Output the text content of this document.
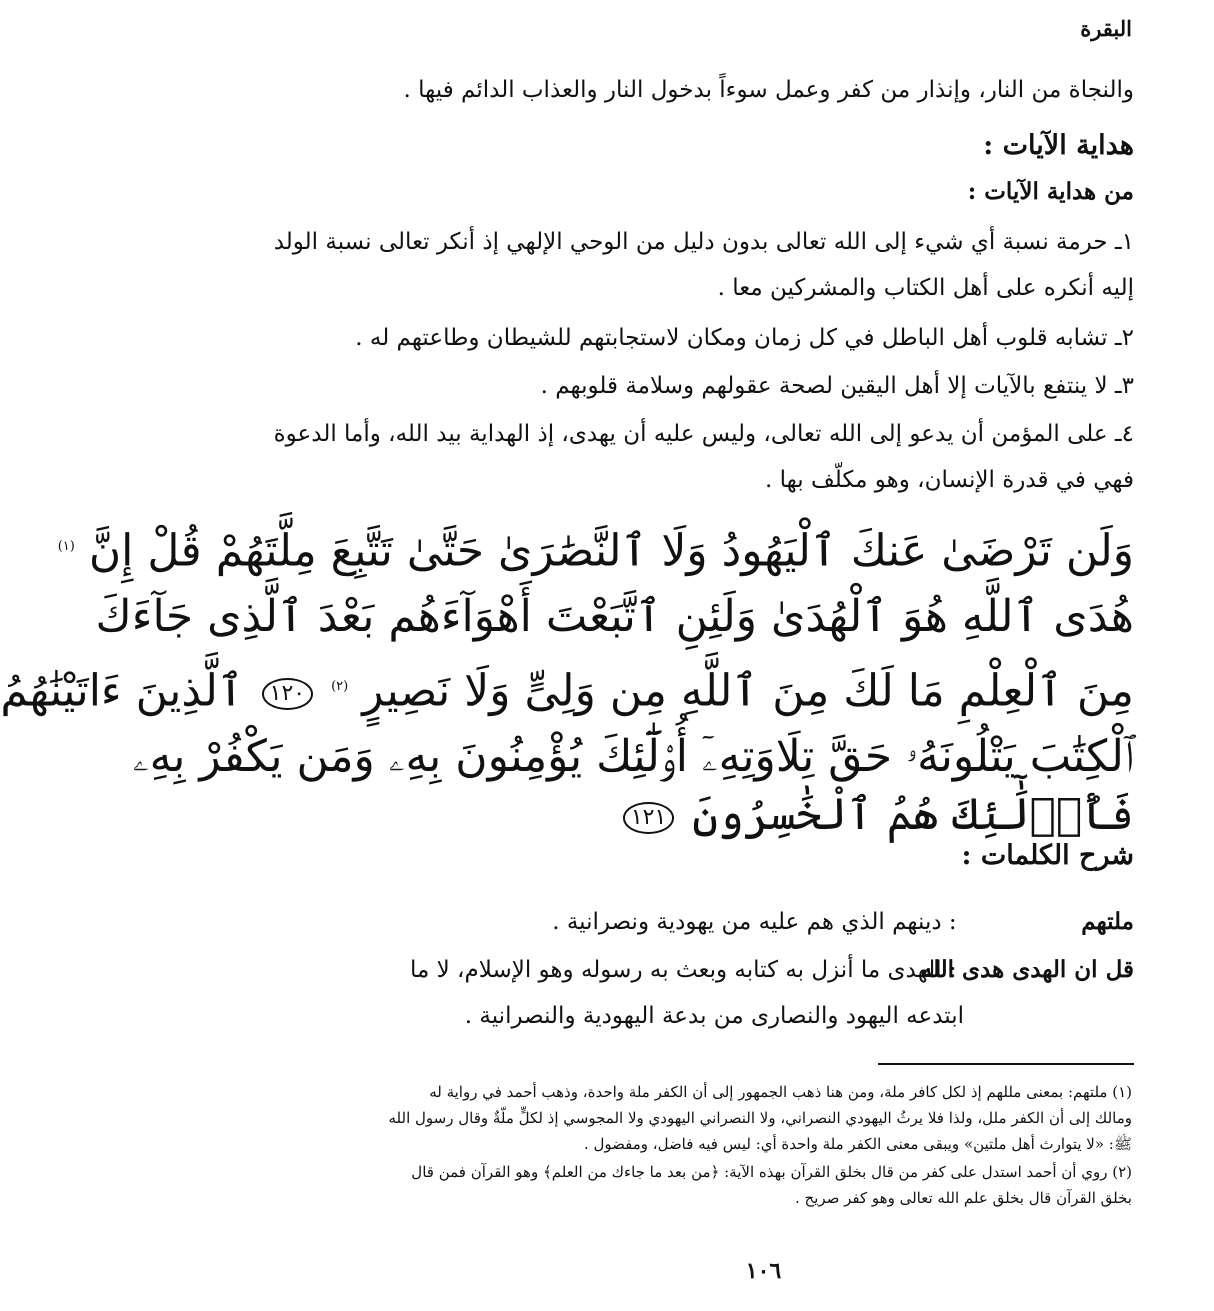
البقرة
والنجاة من النار، وإنذار من كفر وعمل سوءاً بدخول النار والعذاب الدائم فيها .
هداية الآيات :
من هداية الآيات :
١ـ حرمة نسبة أي شيء إلى الله تعالى بدون دليل من الوحي الإلهي إذ أنكر تعالى نسبة الولد
إليه أنكره على أهل الكتاب والمشركين معا .
٢ـ تشابه قلوب أهل الباطل في كل زمان ومكان لاستجابتهم للشيطان وطاعتهم له .
٣ـ لا ينتفع بالآيات إلا أهل اليقين لصحة عقولهم وسلامة قلوبهم .
٤ـ على المؤمن أن يدعو إلى الله تعالى، وليس عليه أن يهدى، إذ الهداية بيد الله، وأما الدعوة
فهي في قدرة الإنسان، وهو مكلّف بها .
وَلَن تَرْضَىٰ عَنكَ ٱلْيَهُودُ وَلَا ٱلنَّصَٰرَىٰ حَتَّىٰ تَتَّبِعَ مِلَّتَهُمْ قُلْ إِنَّ $^{(١)}$
هُدَى ٱللَّهِ هُوَ ٱلْهُدَىٰ وَلَئِنِ ٱتَّبَعْتَ أَهْوَآءَهُم بَعْدَ ٱلَّذِى جَآءَكَ
مِنَ ٱلْعِلْمِ مَا لَكَ مِنَ ٱللَّهِ مِن وَلِىٍّ وَلَا نَصِيرٍ $^{(٢)}$ ١٢٠ ٱلَّذِينَ ءَاتَيْنَٰهُمُ
ٱلْكِتَٰبَ يَتْلُونَهُۥ حَقَّ تِلَاوَتِهِۦٓ أُو۟لَٰٓئِكَ يُؤْمِنُونَ بِهِۦ وَمَن يَكْفُرْ بِهِۦ
فَأُو۟لَٰٓئِكَ هُمُ ٱلْخَٰسِرُونَ ١٢١
شرح الكلمات :
ملتهم : دينهم الذي هم عليه من يهودية ونصرانية .
قل ان الهدى هدى الله : الهدى ما أنزل به كتابه وبعث به رسوله وهو الإسلام، لا ما
ابتدعه اليهود والنصارى من بدعة اليهودية والنصرانية .
(١) ملتهم: بمعنى مللهم إذ لكل كافر ملة، ومن هنا ذهب الجمهور إلى أن الكفر ملة واحدة، وذهب أحمد في رواية له
ومالك إلى أن الكفر ملل، ولذا فلا يرثُ اليهودي النصراني، ولا النصراني اليهودي ولا المجوسي إذ لكلٍّ ملّةٌ وقال رسول الله
ﷺ: «لا يتوارث أهل ملتين» ويبقى معنى الكفر ملة واحدة أي: ليس فيه فاضل، ومفضول .
(٢) روي أن أحمد استدل على كفر من قال بخلق القرآن بهذه الآية: ﴿من بعد ما جاءك من العلم﴾ وهو القرآن فمن قال
بخلق القرآن قال بخلق علم الله تعالى وهو كفر صريح .
١٠٦
